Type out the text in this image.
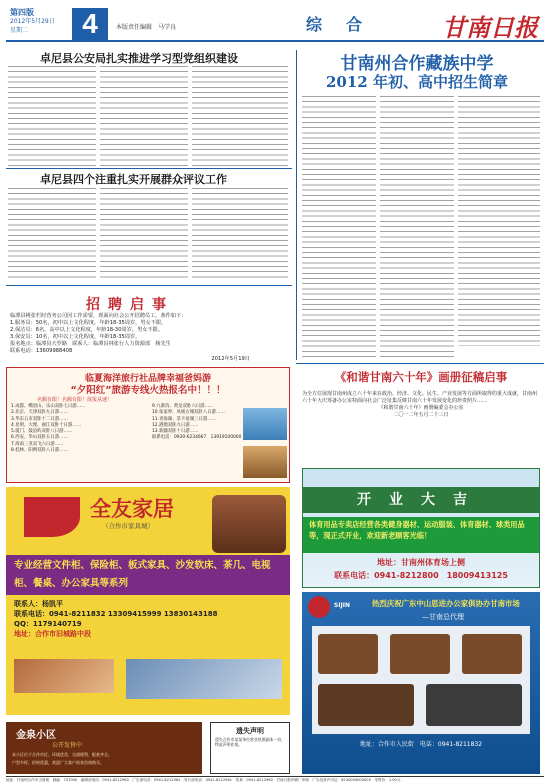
第四版
2012年5月29日
星期二	4	本版责任编辑　马学良	综　合	甘南日报
卓尼县公安局扎实推进学习型党组织建设
卓尼县四个注重扎实开展群众评议工作
甘南州合作藏族中学
2012 年初、高中招生简章
招聘启事
临潭县桃张栏时营务公司因工作需要，现面向社会公开招聘员工，条件如下：
1.服务员：50名，初中以上文化程度，年龄18-35周岁，男女不限。
2.保洁员：6名，高中以上文化程度，年龄18-30周岁，男女不限。
3.保安员：10名，初中以上文化程度，年龄18-35周岁。
报名地点：临潭县天罗路　联系人：临潭县林张行人力资源部　杨先生
联系电话：13609988408
2012年5月19日
临夏海洋旅行社品牌幸福爸妈游
“夕阳红”旅游专线火热报名中！！！
名额有限！名额有限！欲报从速！
1.成都、峨眉山、乐山双卧七日游……
2.北京、天津双卧九日游……
3.华东五市双卧十二日游……
4.昆明、大理、丽江双卧十日游……
5.厦门、鼓浪屿双卧八日游……
6.西安、华山双卧五日游……
7.海南三亚双飞六日游……
8.桂林、阳朔双卧八日游……
9.九寨沟、黄龙双卧六日游……
10.张家界、凤凰古城双卧八日游……
11.青海湖、茶卡盐湖三日游……
12.港澳双卧九日游……
13.新疆双卧十日游……
联系电话：0930-6234667　13919100000
全友家居
（合作市家具城）
专业经营文件柜、保险柜、板式家具、沙发软床、茶几、电视柜、餐桌、办公家具等系列
联系人：杨凯平
联系电话：0941-8211832 13309415999 13830143188
QQ：1179140719
地址：合作市旧城路中段
金泉小区
公开发售中
本小区位于合作市区，环境优美，交通便利，配套齐全。
户型多样，价格优惠，欢迎广大客户前来咨询购买。
遗失声明
遗失合作市某某单位营业执照副本一份，特此声明作废。
《和谐甘南六十年》画册征稿启事
为全方位展现甘南州成立六十年来在政治、经济、文化、民生、产业发展等方面所取得的重大成就，甘南州六十年大庆筹备办公室特面向社会广泛征集反映甘南六十年发展变化的珍贵照片……
《和谐甘南六十年》画册编委会办公室
二〇一二年五月二十三日
开业大吉
体育用品专卖店经营各类健身器材、运动服装、体育器材、球类用品等，现正式开业，欢迎新老顾客光临！
地址：甘南州体育场上侧
联系电话：0941-8212800　18009413125
SIJIN	热烈庆祝广东中山思进办公家俱协办甘南市场
—甘南总代理
地址：合作市人民街　电话：0941-8211832
地址：甘南州合作市当周街　邮编：747000　编辑部电话：0941-8212963　广告部电话：0941-8212962　发行部电话：0941-8212961　传真：0941-8212960　甘南日报印刷厂印刷　广告经营许可证：6230004000005　零售价：1.00元
